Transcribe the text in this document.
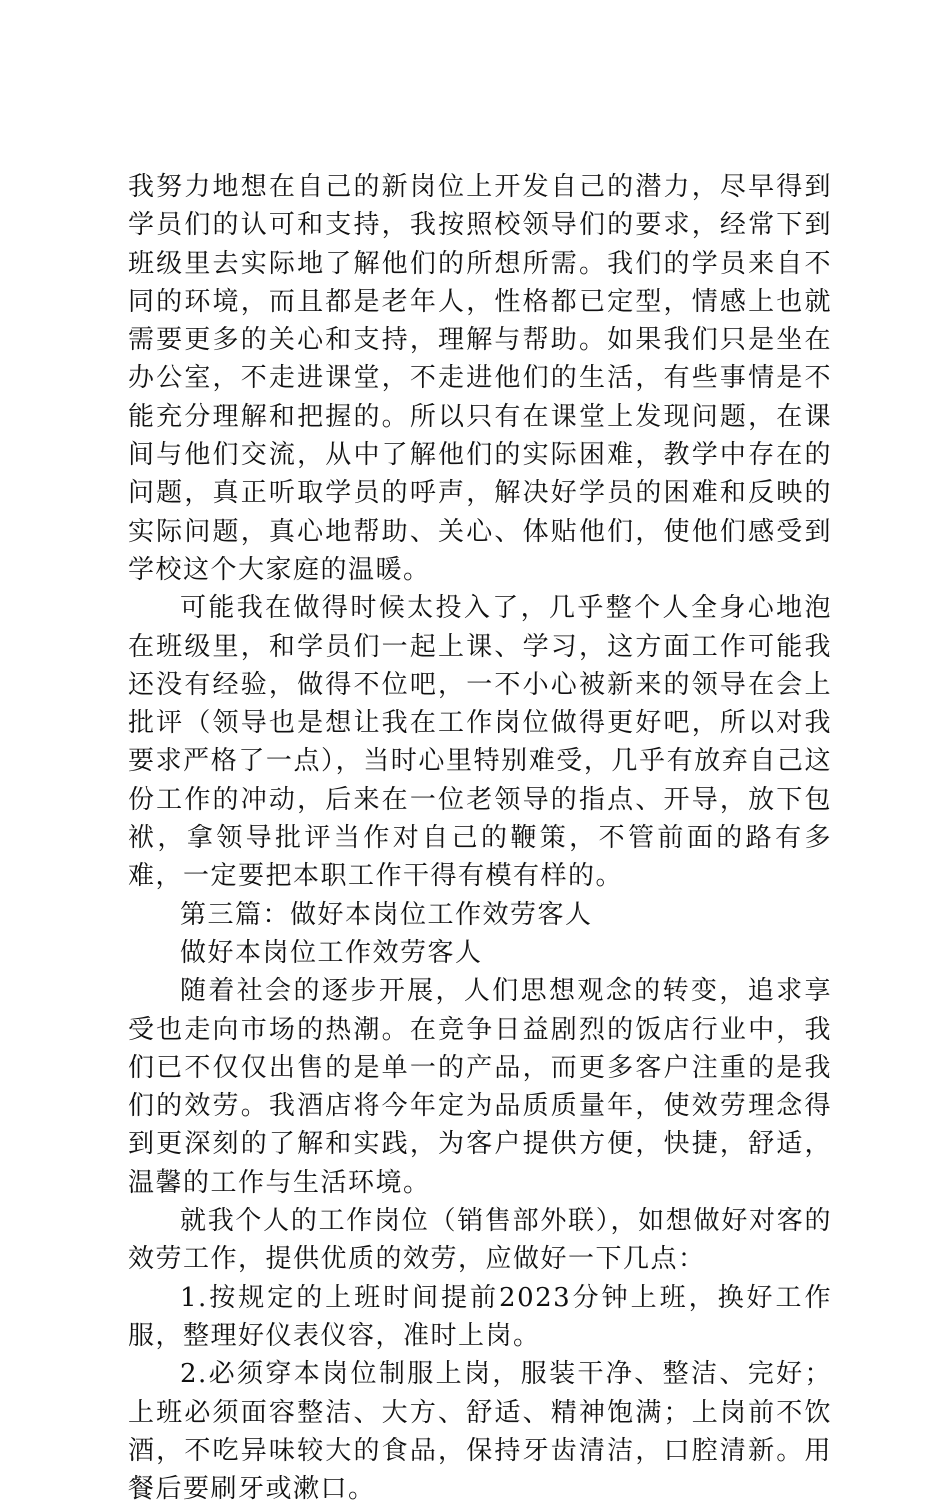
我努力地想在自己的新岗位上开发自己的潜力，尽早得到学员们的认可和支持，我按照校领导们的要求，经常下到班级里去实际地了解他们的所想所需。我们的学员来自不同的环境，而且都是老年人，性格都已定型，情感上也就需要更多的关心和支持，理解与帮助。如果我们只是坐在办公室，不走进课堂，不走进他们的生活，有些事情是不能充分理解和把握的。所以只有在课堂上发现问题，在课间与他们交流，从中了解他们的实际困难，教学中存在的问题，真正听取学员的呼声，解决好学员的困难和反映的实际问题，真心地帮助、关心、体贴他们，使他们感受到学校这个大家庭的温暖。

可能我在做得时候太投入了，几乎整个人全身心地泡在班级里，和学员们一起上课、学习，这方面工作可能我还没有经验，做得不位吧，一不小心被新来的领导在会上批评（领导也是想让我在工作岗位做得更好吧，所以对我要求严格了一点），当时心里特别难受，几乎有放弃自己这份工作的冲动，后来在一位老领导的指点、开导，放下包袱，拿领导批评当作对自己的鞭策，不管前面的路有多难，一定要把本职工作干得有模有样的。

第三篇：做好本岗位工作效劳客人

做好本岗位工作效劳客人

随着社会的逐步开展，人们思想观念的转变，追求享受也走向市场的热潮。在竞争日益剧烈的饭店行业中，我们已不仅仅出售的是单一的产品，而更多客户注重的是我们的效劳。我酒店将今年定为品质质量年，使效劳理念得到更深刻的了解和实践，为客户提供方便，快捷，舒适，温馨的工作与生活环境。

就我个人的工作岗位（销售部外联），如想做好对客的效劳工作，提供优质的效劳，应做好一下几点：

1.按规定的上班时间提前2023分钟上班，换好工作服，整理好仪表仪容，准时上岗。

2.必须穿本岗位制服上岗，服装干净、整洁、完好；上班必须面容整洁、大方、舒适、精神饱满；上岗前不饮酒，不吃异味较大的食品，保持牙齿清洁，口腔清新。用餐后要刷牙或漱口。
